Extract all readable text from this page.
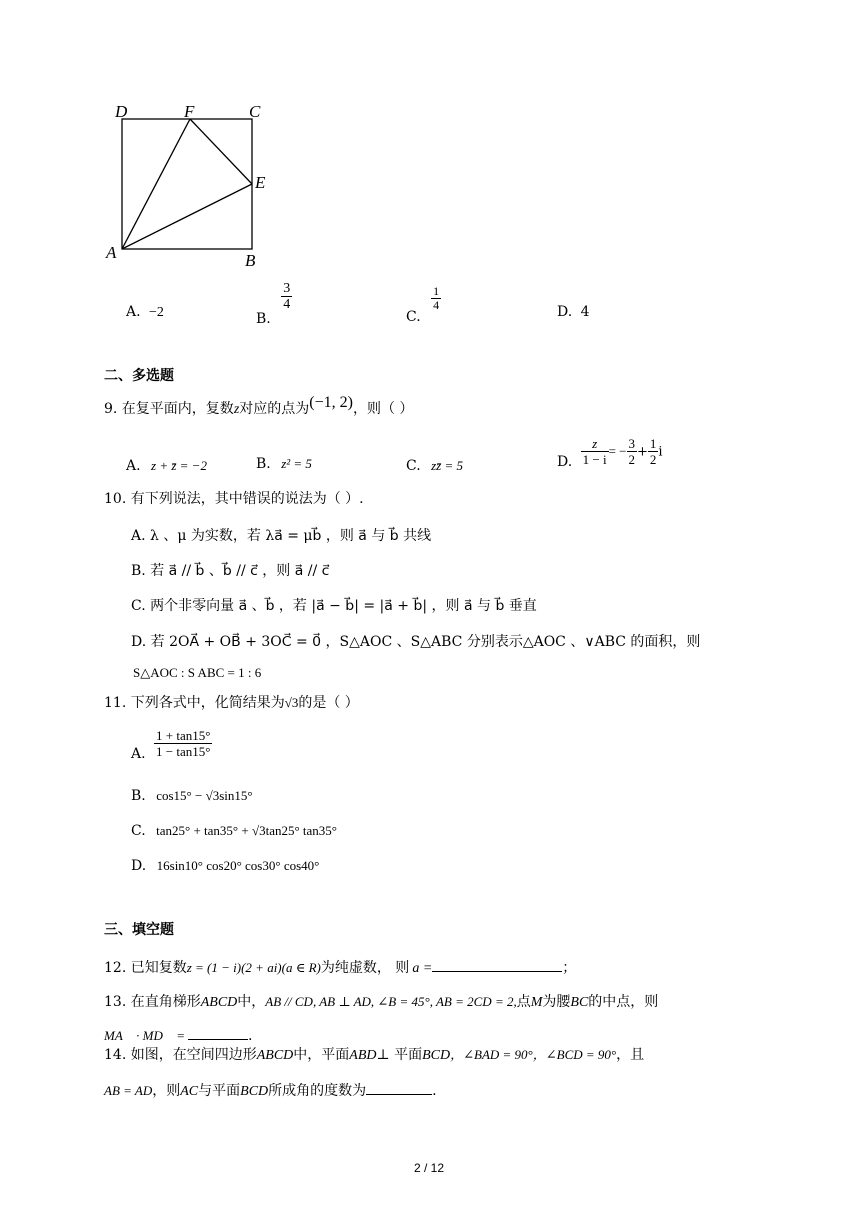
D	F	C
E
A	B
A. −2	B.
$\frac{3}{4}$
C.
$\frac{1}{4}$	D. 4
二、多选题
9. 在复平面内，复数z对应的点为(−1, 2)，则（ ）
A. z + z̄ = −2	B. z² = 5	C. zz̄ = 5	D. $\frac{z}{1 - i}$ = − $\frac{3}{2} + \frac{1}{2}$ i
10. 有下列说法，其中错误的说法为（ ）.
A. λ 、μ 为实数，若 λa⃗ = μb⃗ ，则 a⃗ 与 b⃗ 共线
B. 若 a⃗ // b⃗ 、b⃗ // c⃗ ，则 a⃗ // c⃗
C. 两个非零向量 a⃗ 、b⃗ ，若 |a⃗ − b⃗| = |a⃗ + b⃗| ，则 a⃗ 与 b⃗ 垂直
D. 若 2OA⃗ + OB⃗ + 3OC⃗ = 0⃗ ，S△AOC 、S△ABC 分别表示△AOC 、∨ABC 的面积，则
S△AOC : S ABC = 1 : 6
11. 下列各式中，化简结果为√3的是（ ）
A. $\frac{1 + \tan 15^\circ}{1 - \tan 15^\circ}$
B. cos15° − √3sin15°
C. tan25° + tan35° + √3tan25° tan35°
D. 16sin10° cos20° cos30° cos40°
三、填空题
12. 已知复数z = (1 − i)(2 + ai)(a ∈ R)为纯虚数， 则 a =	；
13. 在直角梯形ABCD中，AB // CD, AB ⊥ AD, ∠B = 45°, AB = 2CD = 2,点M为腰BC的中点，则
MA⃗ · MD⃗ =	.
14. 如图，在空间四边形ABCD中，平面ABD⊥ 平面BCD，∠BAD = 90°，∠BCD = 90°，且
AB = AD，则AC与平面BCD所成角的度数为	.
2 / 12
